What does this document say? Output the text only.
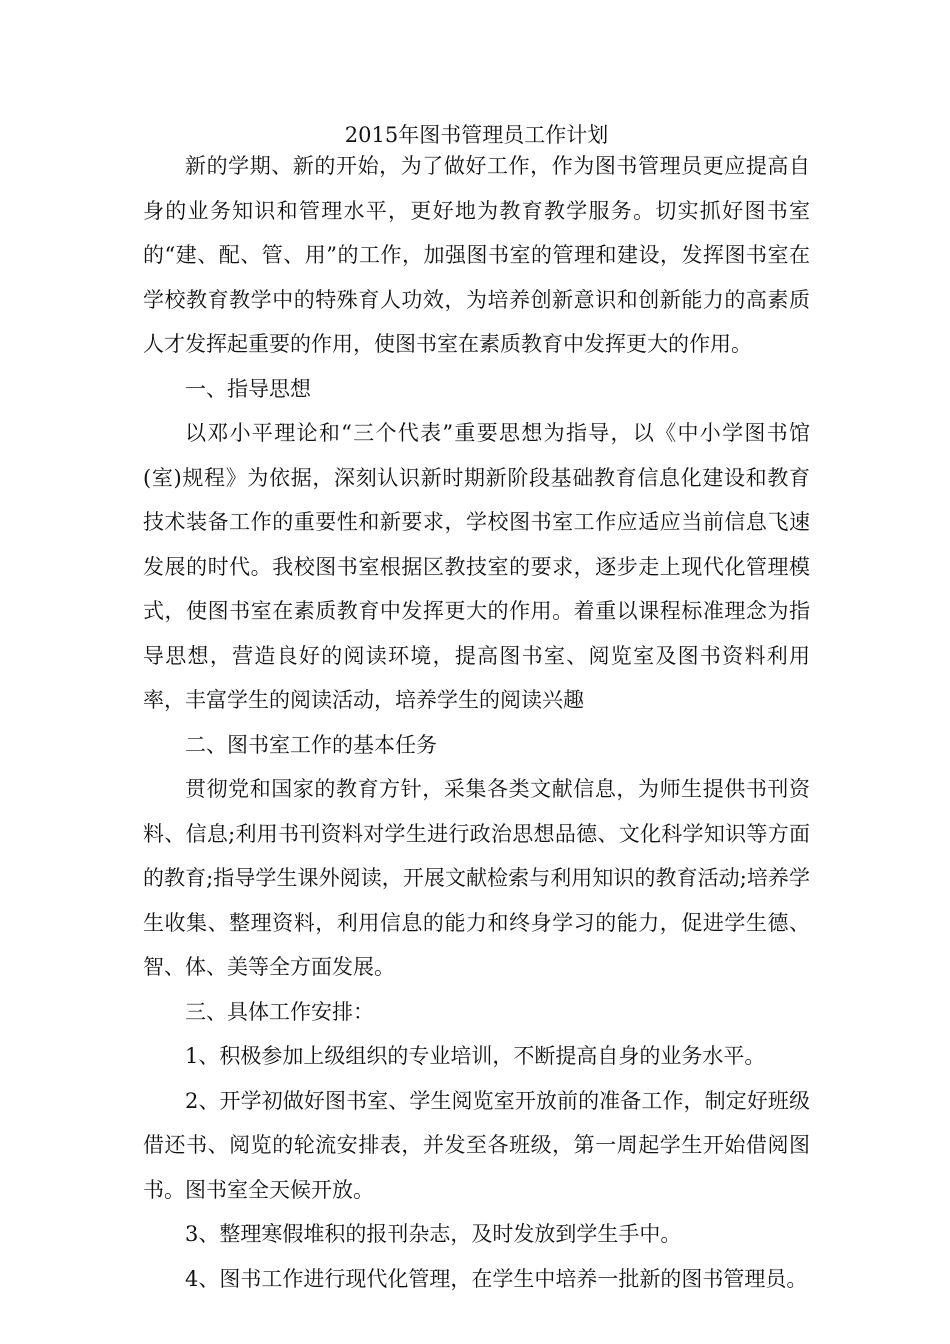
2015年图书管理员工作计划

新的学期、新的开始，为了做好工作，作为图书管理员更应提高自身的业务知识和管理水平，更好地为教育教学服务。切实抓好图书室的“建、配、管、用”的工作，加强图书室的管理和建设，发挥图书室在学校教育教学中的特殊育人功效，为培养创新意识和创新能力的高素质人才发挥起重要的作用，使图书室在素质教育中发挥更大的作用。

一、指导思想

以邓小平理论和“三个代表”重要思想为指导，以《中小学图书馆(室)规程》为依据，深刻认识新时期新阶段基础教育信息化建设和教育技术装备工作的重要性和新要求，学校图书室工作应适应当前信息飞速发展的时代。我校图书室根据区教技室的要求，逐步走上现代化管理模式，使图书室在素质教育中发挥更大的作用。着重以课程标准理念为指导思想，营造良好的阅读环境，提高图书室、阅览室及图书资料利用率，丰富学生的阅读活动，培养学生的阅读兴趣

二、图书室工作的基本任务

贯彻党和国家的教育方针，采集各类文献信息，为师生提供书刊资料、信息;利用书刊资料对学生进行政治思想品德、文化科学知识等方面的教育;指导学生课外阅读，开展文献检索与利用知识的教育活动;培养学生收集、整理资料，利用信息的能力和终身学习的能力，促进学生德、智、体、美等全方面发展。

三、具体工作安排：

1、积极参加上级组织的专业培训，不断提高自身的业务水平。

2、开学初做好图书室、学生阅览室开放前的准备工作，制定好班级借还书、阅览的轮流安排表，并发至各班级，第一周起学生开始借阅图书。图书室全天候开放。

3、整理寒假堆积的报刊杂志，及时发放到学生手中。

4、图书工作进行现代化管理，在学生中培养一批新的图书管理员。
